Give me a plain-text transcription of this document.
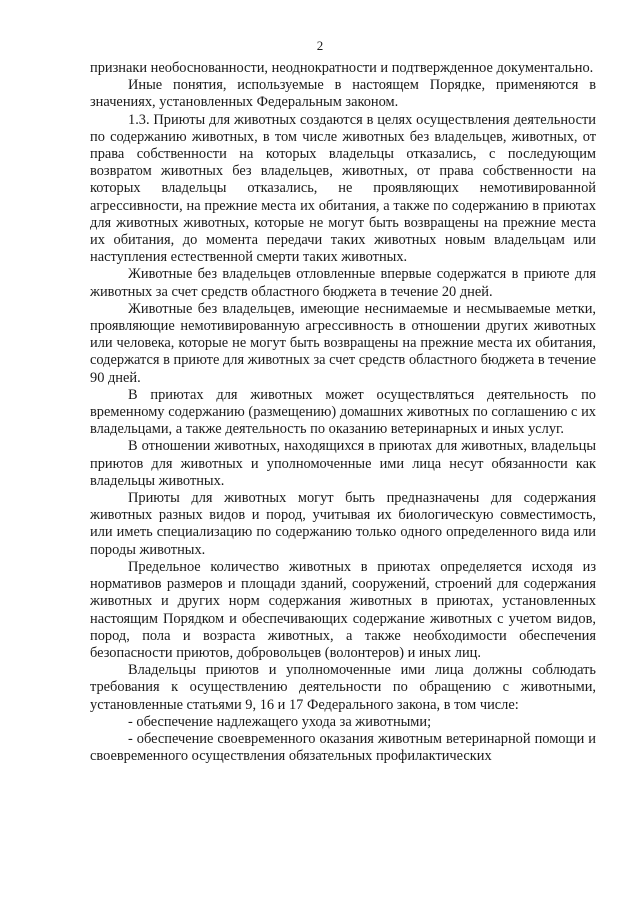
2

признаки необоснованности, неоднократности и подтвержденное документально.

Иные понятия, используемые в настоящем Порядке, применяются в значениях, установленных Федеральным законом.

1.3. Приюты для животных создаются в целях осуществления деятельности по содержанию животных, в том числе животных без владельцев, животных, от права собственности на которых владельцы отказались, с последующим возвратом животных без владельцев, животных, от права собственности на которых владельцы отказались, не проявляющих немотивированной агрессивности, на прежние места их обитания, а также по содержанию в приютах для животных животных, которые не могут быть возвращены на прежние места их обитания, до момента передачи таких животных новым владельцам или наступления естественной смерти таких животных.

Животные без владельцев отловленные впервые содержатся в приюте для животных за счет средств областного бюджета в течение 20 дней.

Животные без владельцев, имеющие неснимаемые и несмываемые метки, проявляющие немотивированную агрессивность в отношении других животных или человека, которые не могут быть возвращены на прежние места их обитания, содержатся в приюте для животных за счет средств областного бюджета в течение 90 дней.

В приютах для животных может осуществляться деятельность по временному содержанию (размещению) домашних животных по соглашению с их владельцами, а также деятельность по оказанию ветеринарных и иных услуг.

В отношении животных, находящихся в приютах для животных, владельцы приютов для животных и уполномоченные ими лица несут обязанности как владельцы животных.

Приюты для животных могут быть предназначены для содержания животных разных видов и пород, учитывая их биологическую совместимость, или иметь специализацию по содержанию только одного определенного вида или породы животных.

Предельное количество животных в приютах определяется исходя из нормативов размеров и площади зданий, сооружений, строений для содержания животных и других норм содержания животных в приютах, установленных настоящим Порядком и обеспечивающих содержание животных с учетом видов, пород, пола и возраста животных, а также необходимости обеспечения безопасности приютов, добровольцев (волонтеров) и иных лиц.

Владельцы приютов и уполномоченные ими лица должны соблюдать требования к осуществлению деятельности по обращению с животными, установленные статьями 9, 16 и 17 Федерального закона, в том числе:

- обеспечение надлежащего ухода за животными;

- обеспечение своевременного оказания животным ветеринарной помощи и своевременного осуществления обязательных профилактических
